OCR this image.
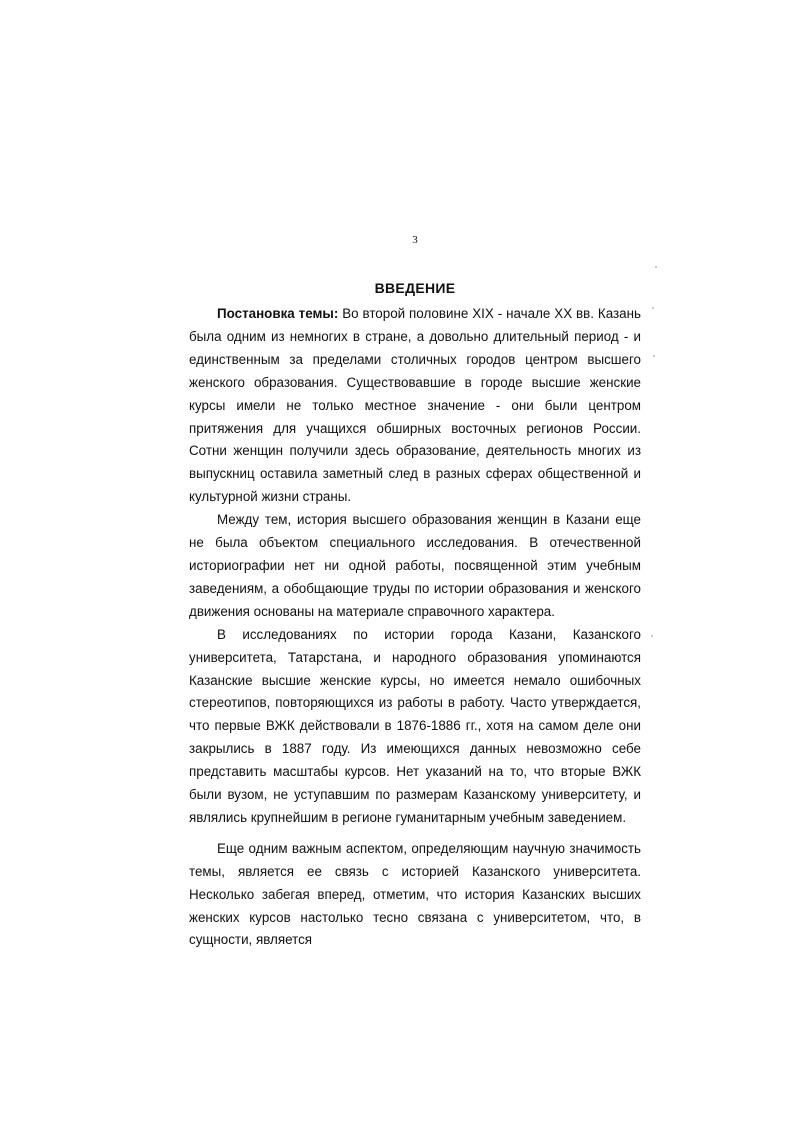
3
ВВЕДЕНИЕ

Постановка темы: Во второй половине XIX - начале XX вв. Казань была одним из немногих в стране, а довольно длительный период - и единственным за пределами столичных городов центром высшего женского образования. Существовавшие в городе высшие женские курсы имели не только местное значение - они были центром притяжения для учащихся обширных восточных регионов России. Сотни женщин получили здесь образование, деятельность многих из выпускниц оставила заметный след в разных сферах общественной и культурной жизни страны.

Между тем, история высшего образования женщин в Казани еще не была объектом специального исследования. В отечественной историографии нет ни одной работы, посвященной этим учебным заведениям, а обобщающие труды по истории образования и женского движения основаны на материале справочного характера.

В исследованиях по истории города Казани, Казанского университета, Татарстана, и народного образования упоминаются Казанские высшие женские курсы, но имеется немало ошибочных стереотипов, повторяющихся из работы в работу. Часто утверждается, что первые ВЖК действовали в 1876-1886 гг., хотя на самом деле они закрылись в 1887 году. Из имеющихся данных невозможно себе представить масштабы курсов. Нет указаний на то, что вторые ВЖК были вузом, не уступавшим по размерам Казанскому университету, и являлись крупнейшим в регионе гуманитарным учебным заведением.

Еще одним важным аспектом, определяющим научную значимость темы, является ее связь с историей Казанского университета. Несколько забегая вперед, отметим, что история Казанских высших женских курсов настолько тесно связана с университетом, что, в сущности, является
